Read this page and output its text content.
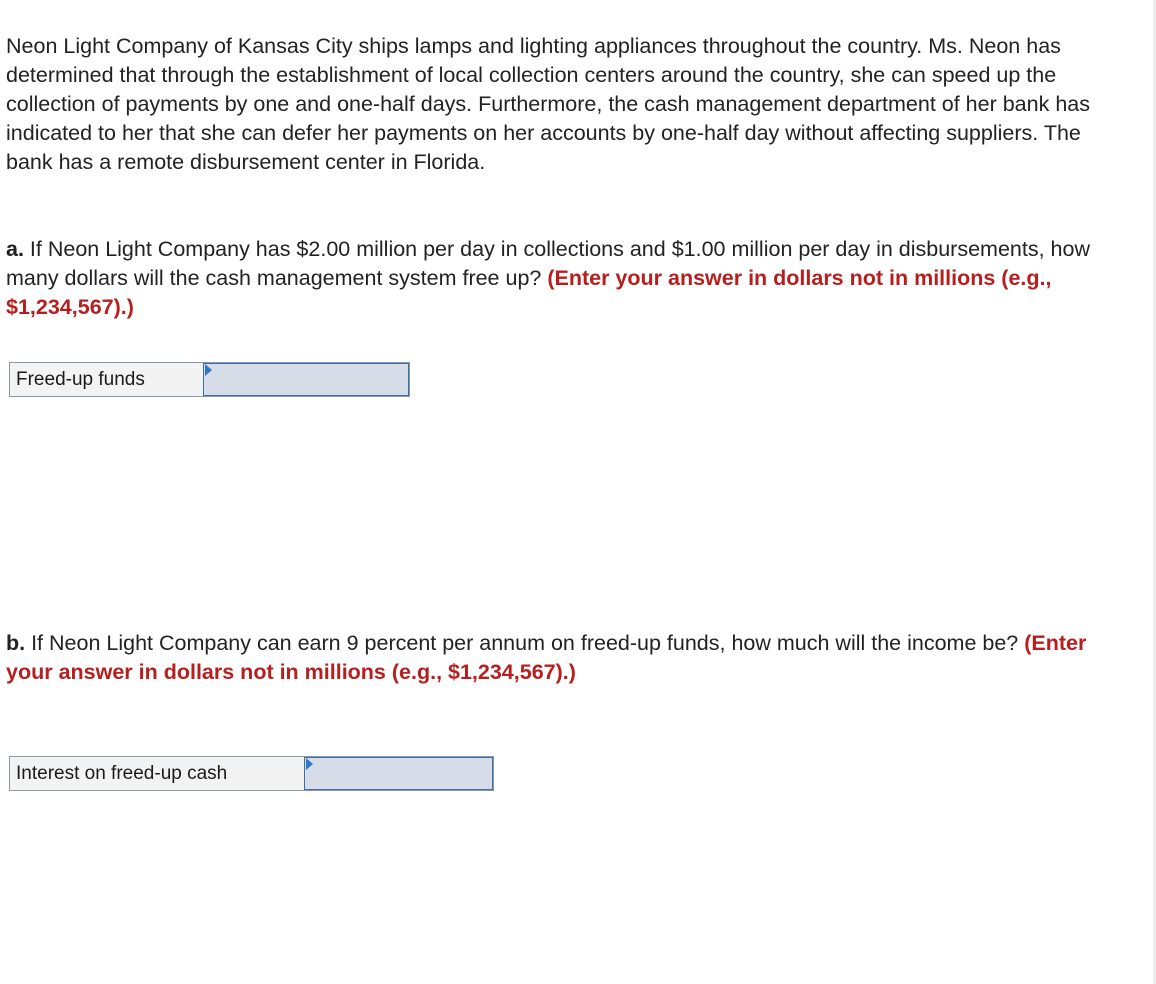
Neon Light Company of Kansas City ships lamps and lighting appliances throughout the country. Ms. Neon has determined that through the establishment of local collection centers around the country, she can speed up the collection of payments by one and one-half days. Furthermore, the cash management department of her bank has indicated to her that she can defer her payments on her accounts by one-half day without affecting suppliers. The bank has a remote disbursement center in Florida.

a. If Neon Light Company has $2.00 million per day in collections and $1.00 million per day in disbursements, how many dollars will the cash management system free up? (Enter your answer in dollars not in millions (e.g., $1,234,567).)

Freed-up funds

b. If Neon Light Company can earn 9 percent per annum on freed-up funds, how much will the income be? (Enter your answer in dollars not in millions (e.g., $1,234,567).)

Interest on freed-up cash
